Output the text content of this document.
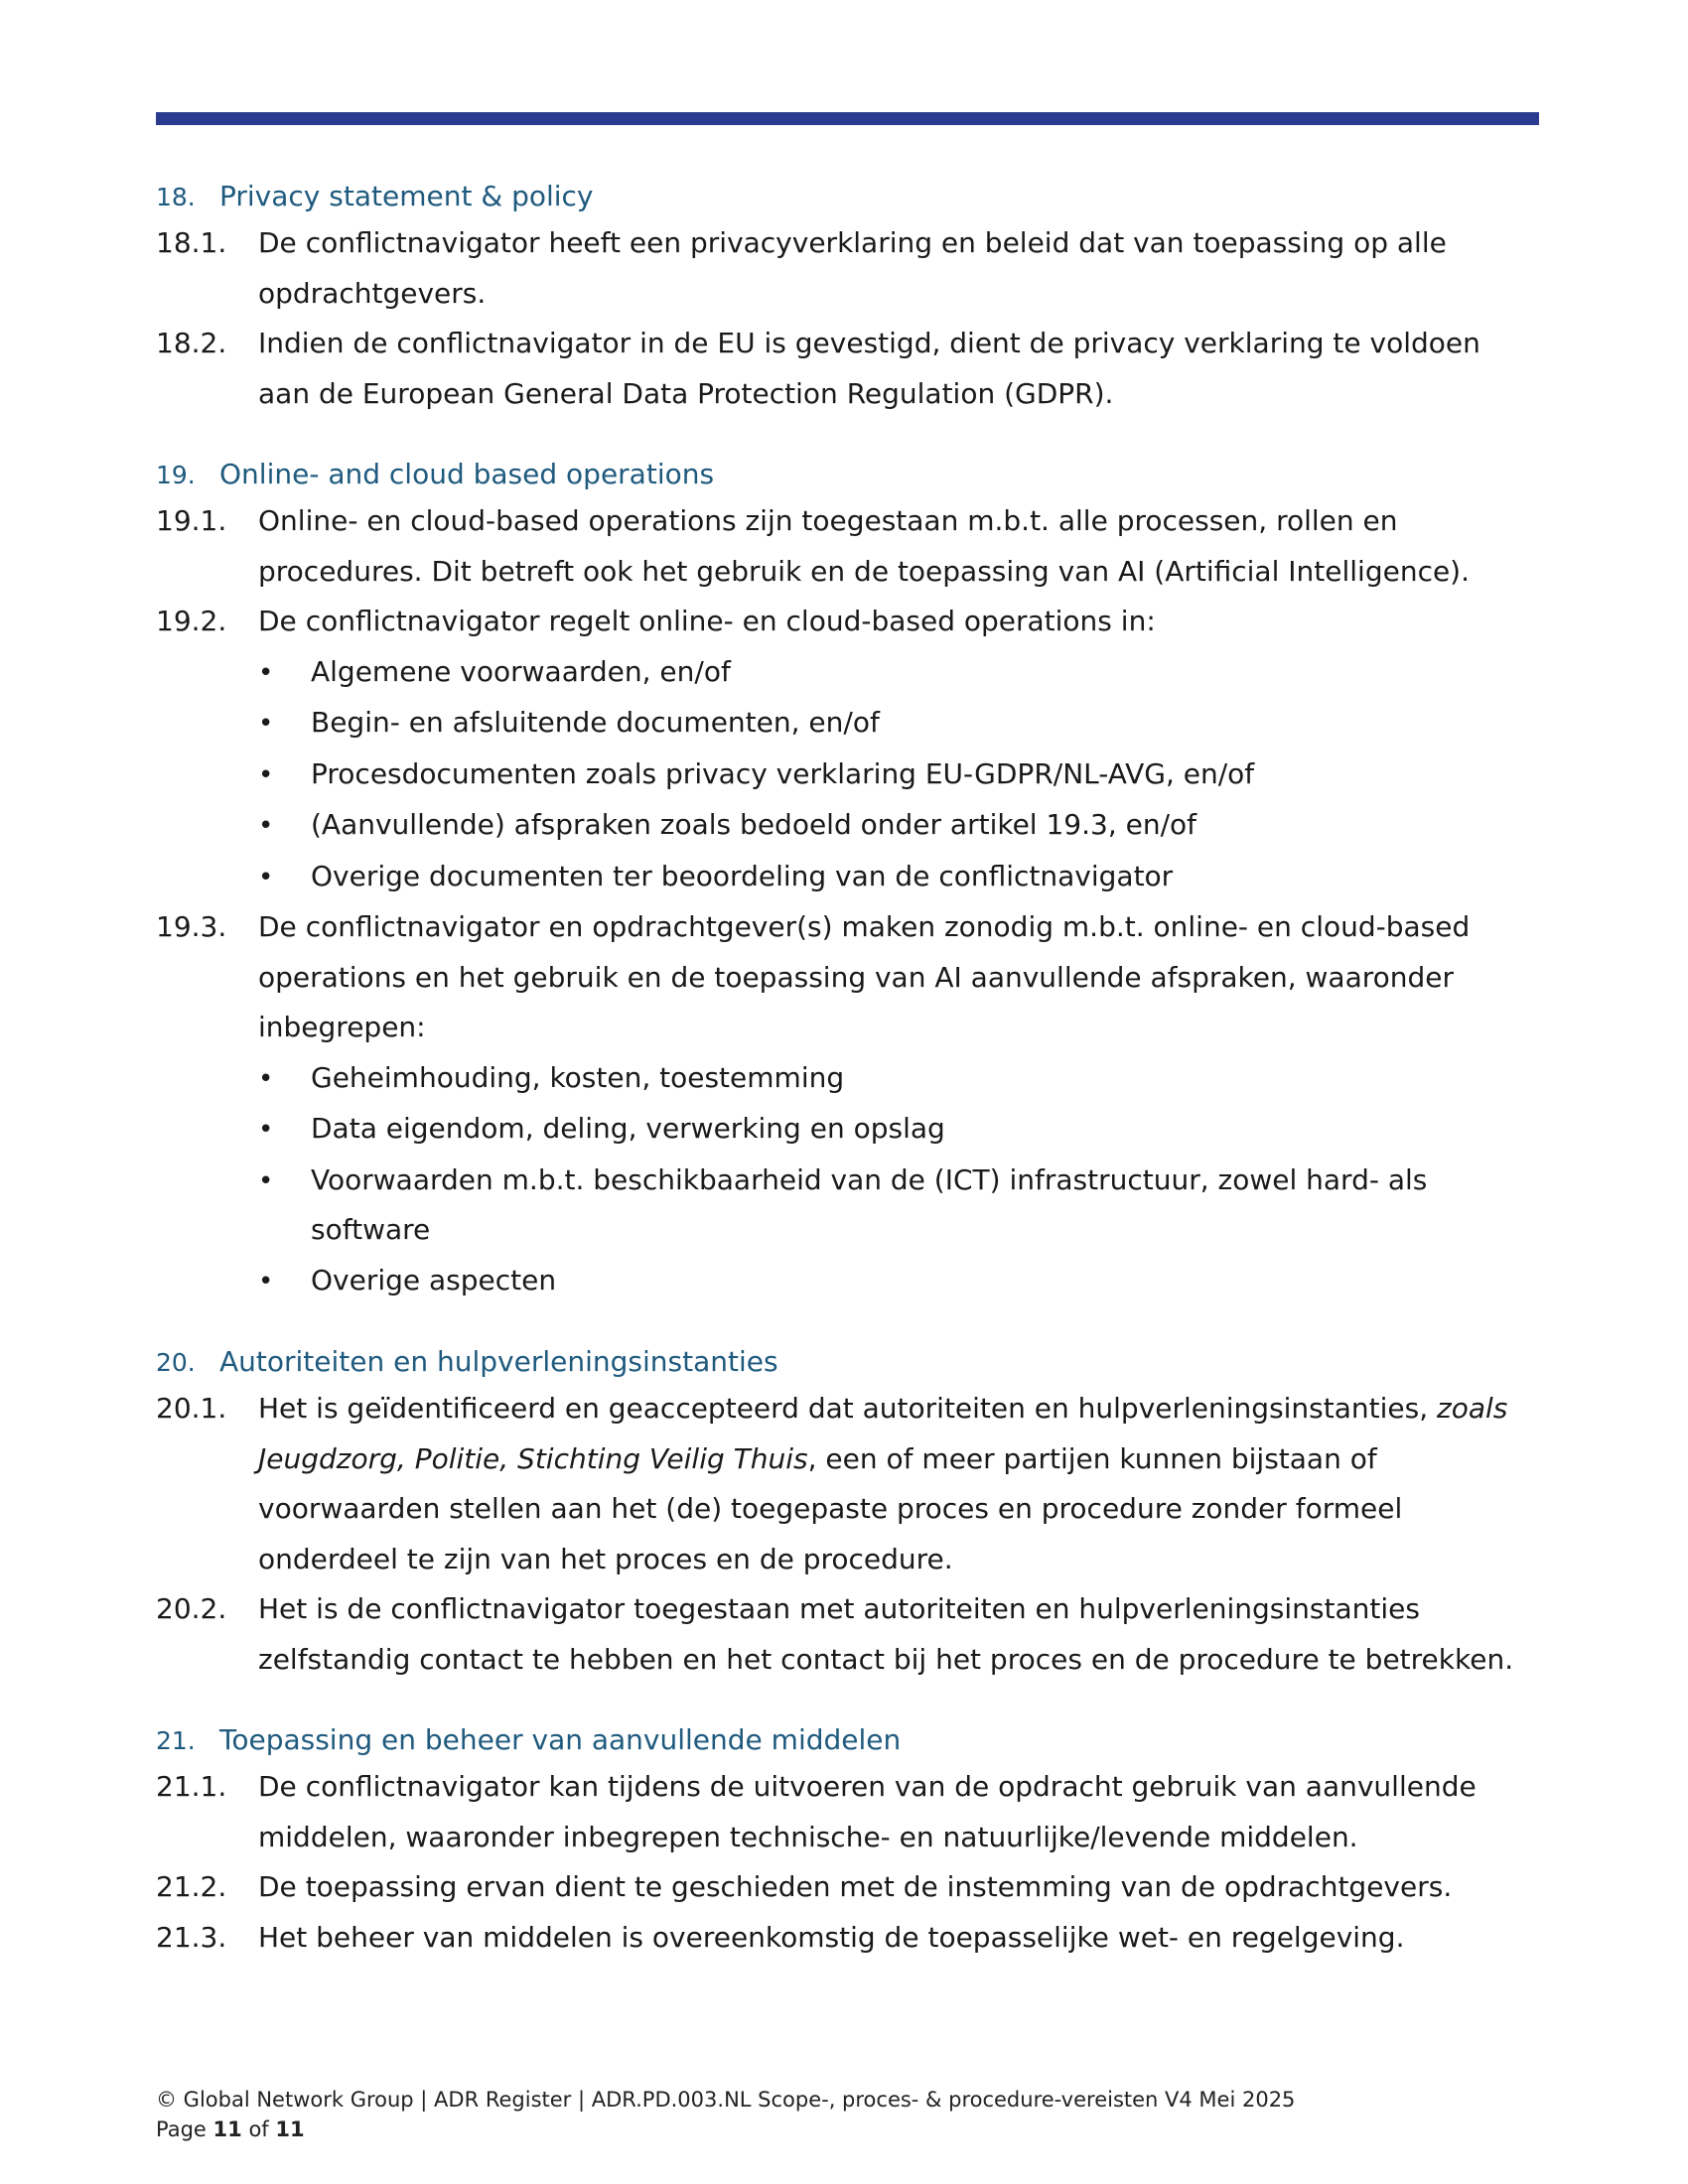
18. Privacy statement & policy
18.1.	De conflictnavigator heeft een privacyverklaring en beleid dat van toepassing op alle opdrachtgevers.
18.2.	Indien de conflictnavigator in de EU is gevestigd, dient de privacy verklaring te voldoen aan de European General Data Protection Regulation (GDPR).
19. Online- and cloud based operations
19.1.	Online- en cloud-based operations zijn toegestaan m.b.t. alle processen, rollen en procedures. Dit betreft ook het gebruik en de toepassing van AI (Artificial Intelligence).
19.2.	De conflictnavigator regelt online- en cloud-based operations in:
•
Algemene voorwaarden, en/of
•
Begin- en afsluitende documenten, en/of
•
Procesdocumenten zoals privacy verklaring EU-GDPR/NL-AVG, en/of
•
(Aanvullende) afspraken zoals bedoeld onder artikel 19.3, en/of
•
Overige documenten ter beoordeling van de conflictnavigator
19.3.	De conflictnavigator en opdrachtgever(s) maken zonodig m.b.t. online- en cloud-based operations en het gebruik en de toepassing van AI aanvullende afspraken, waaronder inbegrepen:
•
Geheimhouding, kosten, toestemming
•
Data eigendom, deling, verwerking en opslag
•
Voorwaarden m.b.t. beschikbaarheid van de (ICT) infrastructuur, zowel hard- als software
•
Overige aspecten
20. Autoriteiten en hulpverleningsinstanties
20.1.	Het is geïdentificeerd en geaccepteerd dat autoriteiten en hulpverleningsinstanties, zoals Jeugdzorg, Politie, Stichting Veilig Thuis, een of meer partijen kunnen bijstaan of voorwaarden stellen aan het (de) toegepaste proces en procedure zonder formeel onderdeel te zijn van het proces en de procedure.
20.2.	Het is de conflictnavigator toegestaan met autoriteiten en hulpverleningsinstanties zelfstandig contact te hebben en het contact bij het proces en de procedure te betrekken.
21. Toepassing en beheer van aanvullende middelen
21.1.	De conflictnavigator kan tijdens de uitvoeren van de opdracht gebruik van aanvullende middelen, waaronder inbegrepen technische- en natuurlijke/levende middelen.
21.2.	De toepassing ervan dient te geschieden met de instemming van de opdrachtgevers.
21.3.	Het beheer van middelen is overeenkomstig de toepasselijke wet- en regelgeving.
© Global Network Group | ADR Register | ADR.PD.003.NL Scope-, proces- & procedure-vereisten V4 Mei 2025
Page 11 of 11
